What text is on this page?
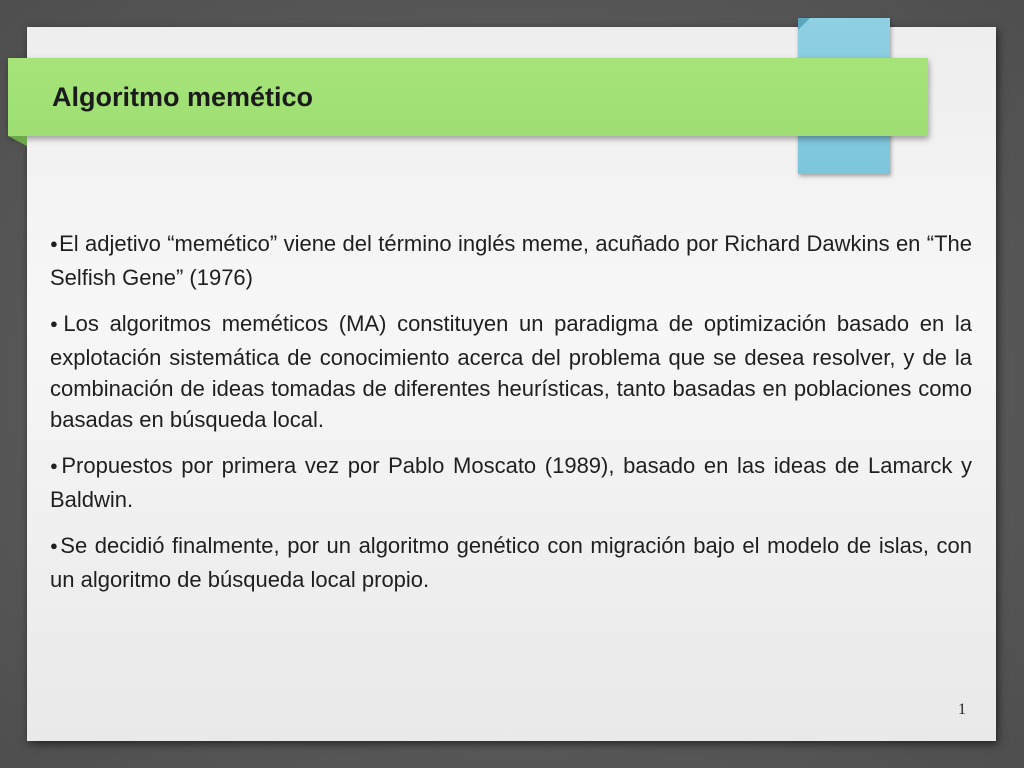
Algoritmo memético
●El adjetivo “memético” viene del término inglés meme, acuñado por Richard Dawkins en “The Selfish Gene” (1976)
●Los algoritmos meméticos (MA) constituyen un paradigma de optimización basado en la explotación sistemática de conocimiento acerca del problema que se desea resolver, y de la combinación de ideas tomadas de diferentes heurísticas, tanto basadas en poblaciones como basadas en búsqueda local.
●Propuestos por primera vez por Pablo Moscato (1989), basado en las ideas de Lamarck y Baldwin.
●Se decidió finalmente, por un algoritmo genético con migración bajo el modelo de islas, con un algoritmo de búsqueda local propio.
1
